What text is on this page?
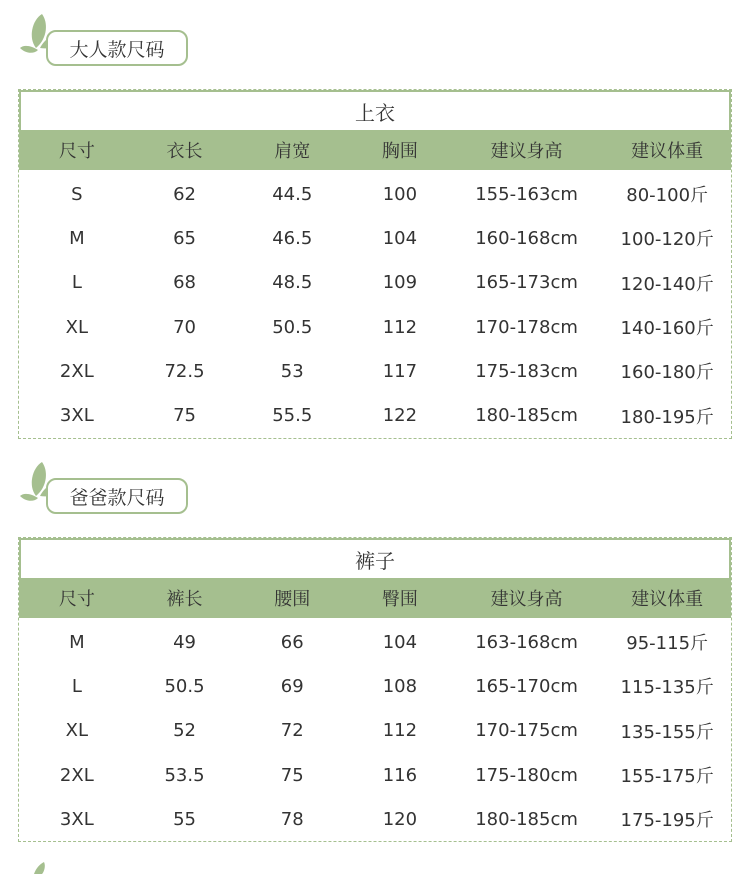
大人款尺码
上衣
尺寸	衣长	肩宽	胸围	建议身高	建议体重
S	62	44.5	100	155-163cm	80-100斤
M	65	46.5	104	160-168cm	100-120斤
L	68	48.5	109	165-173cm	120-140斤
XL	70	50.5	112	170-178cm	140-160斤
2XL	72.5	53	117	175-183cm	160-180斤
3XL	75	55.5	122	180-185cm	180-195斤
爸爸款尺码
裤子
尺寸	裤长	腰围	臀围	建议身高	建议体重
M	49	66	104	163-168cm	95-115斤
L	50.5	69	108	165-170cm	115-135斤
XL	52	72	112	170-175cm	135-155斤
2XL	53.5	75	116	175-180cm	155-175斤
3XL	55	78	120	180-185cm	175-195斤
